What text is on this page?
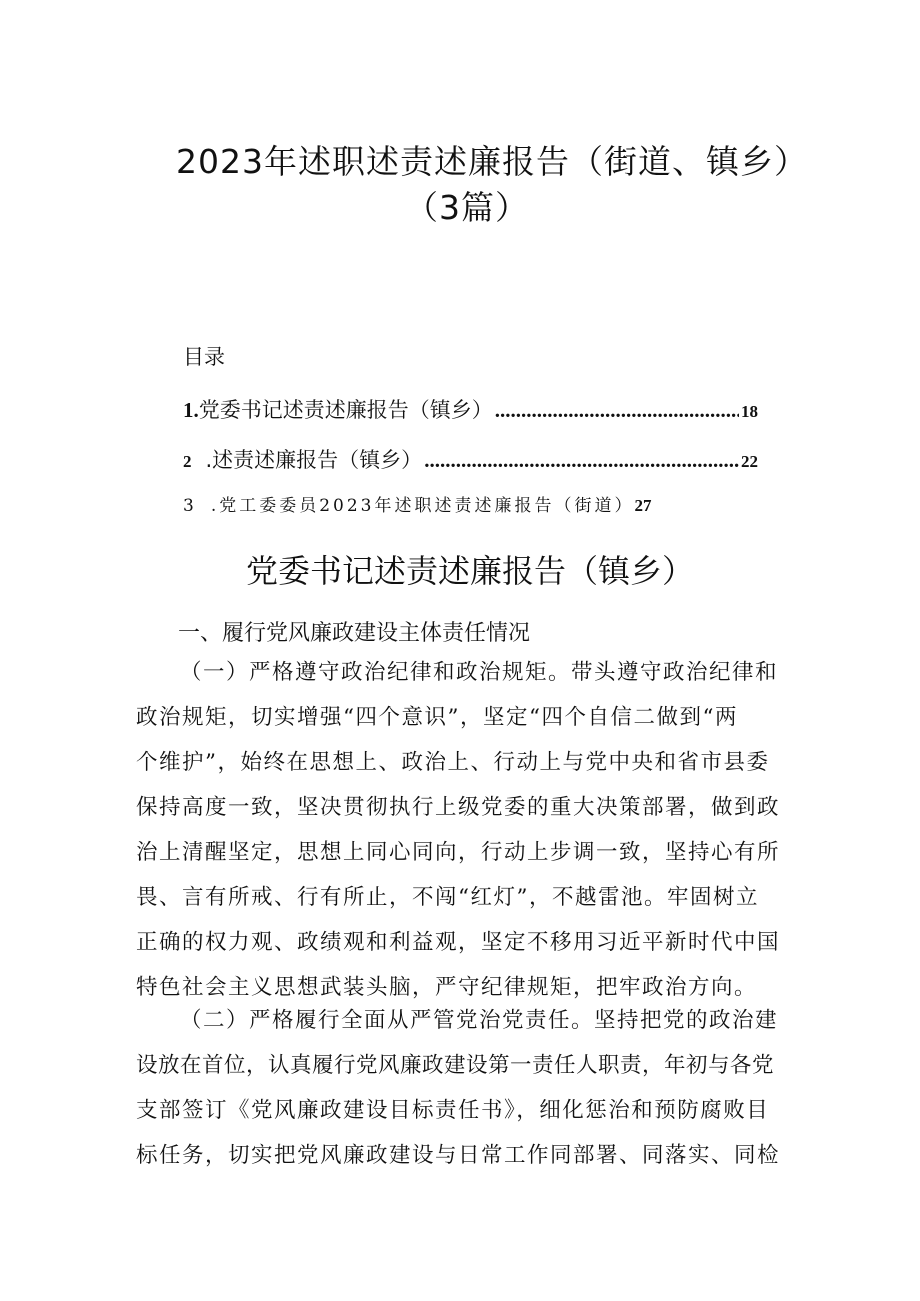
2023年述职述责述廉报告（街道、镇乡）
（3篇）
目录
1. 党委书记述责述廉报告（镇乡） .....	18
2 .述责述廉报告（镇乡） .....	22
3 .党工委委员2023年述职述责述廉报告（街道）27
党委书记述责述廉报告（镇乡）
一、履行党风廉政建设主体责任情况
（一）严格遵守政治纪律和政治规矩。带头遵守政治纪律和
政治规矩，切实增强“四个意识”，坚定“四个自信二做到“两
个维护”，始终在思想上、政治上、行动上与党中央和省市县委
保持高度一致，坚决贯彻执行上级党委的重大决策部署，做到政
治上清醒坚定，思想上同心同向，行动上步调一致，坚持心有所
畏、言有所戒、行有所止，不闯“红灯”，不越雷池。牢固树立
正确的权力观、政绩观和利益观，坚定不移用习近平新时代中国
特色社会主义思想武装头脑，严守纪律规矩，把牢政治方向。
（二）严格履行全面从严管党治党责任。坚持把党的政治建
设放在首位，认真履行党风廉政建设第一责任人职责，年初与各党
支部签订《党风廉政建设目标责任书》，细化惩治和预防腐败目
标任务，切实把党风廉政建设与日常工作同部署、同落实、同检
